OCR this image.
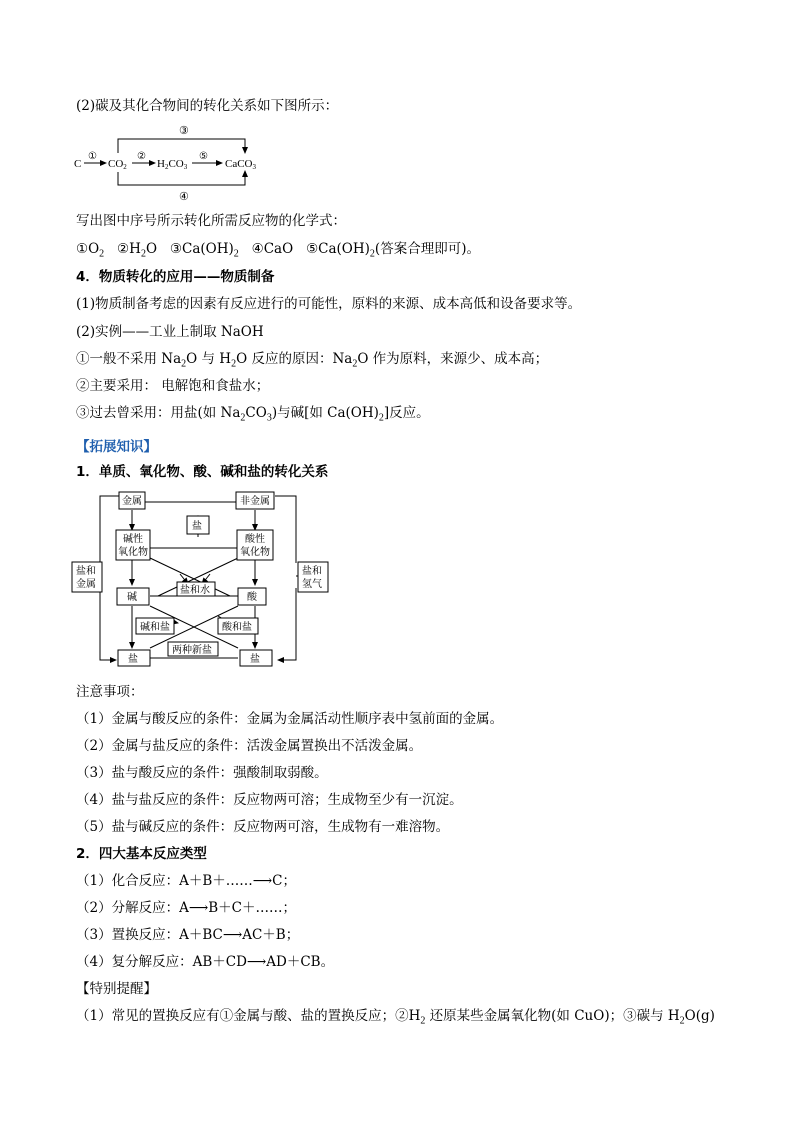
(2)碳及其化合物间的转化关系如下图所示：
③
④
C CO2	H2CO3	CaCO3
①	②	⑤
写出图中序号所示转化所需反应物的化学式：
$①O_2$ $②H_2O$ $③Ca(OH)_2$ ④CaO $⑤Ca(OH)_2$(答案合理即可)。
4．物质转化的应用——物质制备
(1)物质制备考虑的因素有反应进行的可能性，原料的来源、成本高低和设备要求等。
(2)实例——工业上制取 NaOH
①一般不采用 $Na_2O$ 与 $H_2O$ 反应的原因：$Na_2O$ 作为原料，来源少、成本高；
②主要采用： 电解饱和食盐水；
③过去曾采用：用盐(如 $Na_2CO_3$)与碱[如 $Ca(OH)_2$]反应。
【拓展知识】
1．单质、氧化物、酸、碱和盐的转化关系
金属	非金属
盐
碱性
氧化物
酸性
氧化物
盐和水
碱	酸
碱和盐	酸和盐
两种新盐
盐	盐
盐和
金属
盐和
氢气
注意事项：
（1）金属与酸反应的条件：金属为金属活动性顺序表中氢前面的金属。
（2）金属与盐反应的条件：活泼金属置换出不活泼金属。
（3）盐与酸反应的条件：强酸制取弱酸。
（4）盐与盐反应的条件：反应物两可溶；生成物至少有一沉淀。
（5）盐与碱反应的条件：反应物两可溶，生成物有一难溶物。
2．四大基本反应类型
（1）化合反应：A＋B＋……⟶C；
（2）分解反应：A⟶B＋C＋……；
（3）置换反应：A＋BC⟶AC＋B；
（4）复分解反应：AB＋CD⟶AD＋CB。
【特别提醒】
（1）常见的置换反应有①金属与酸、盐的置换反应；$②H_2$ 还原某些金属氧化物(如 CuO)；③碳与 $H_2O(g)$
